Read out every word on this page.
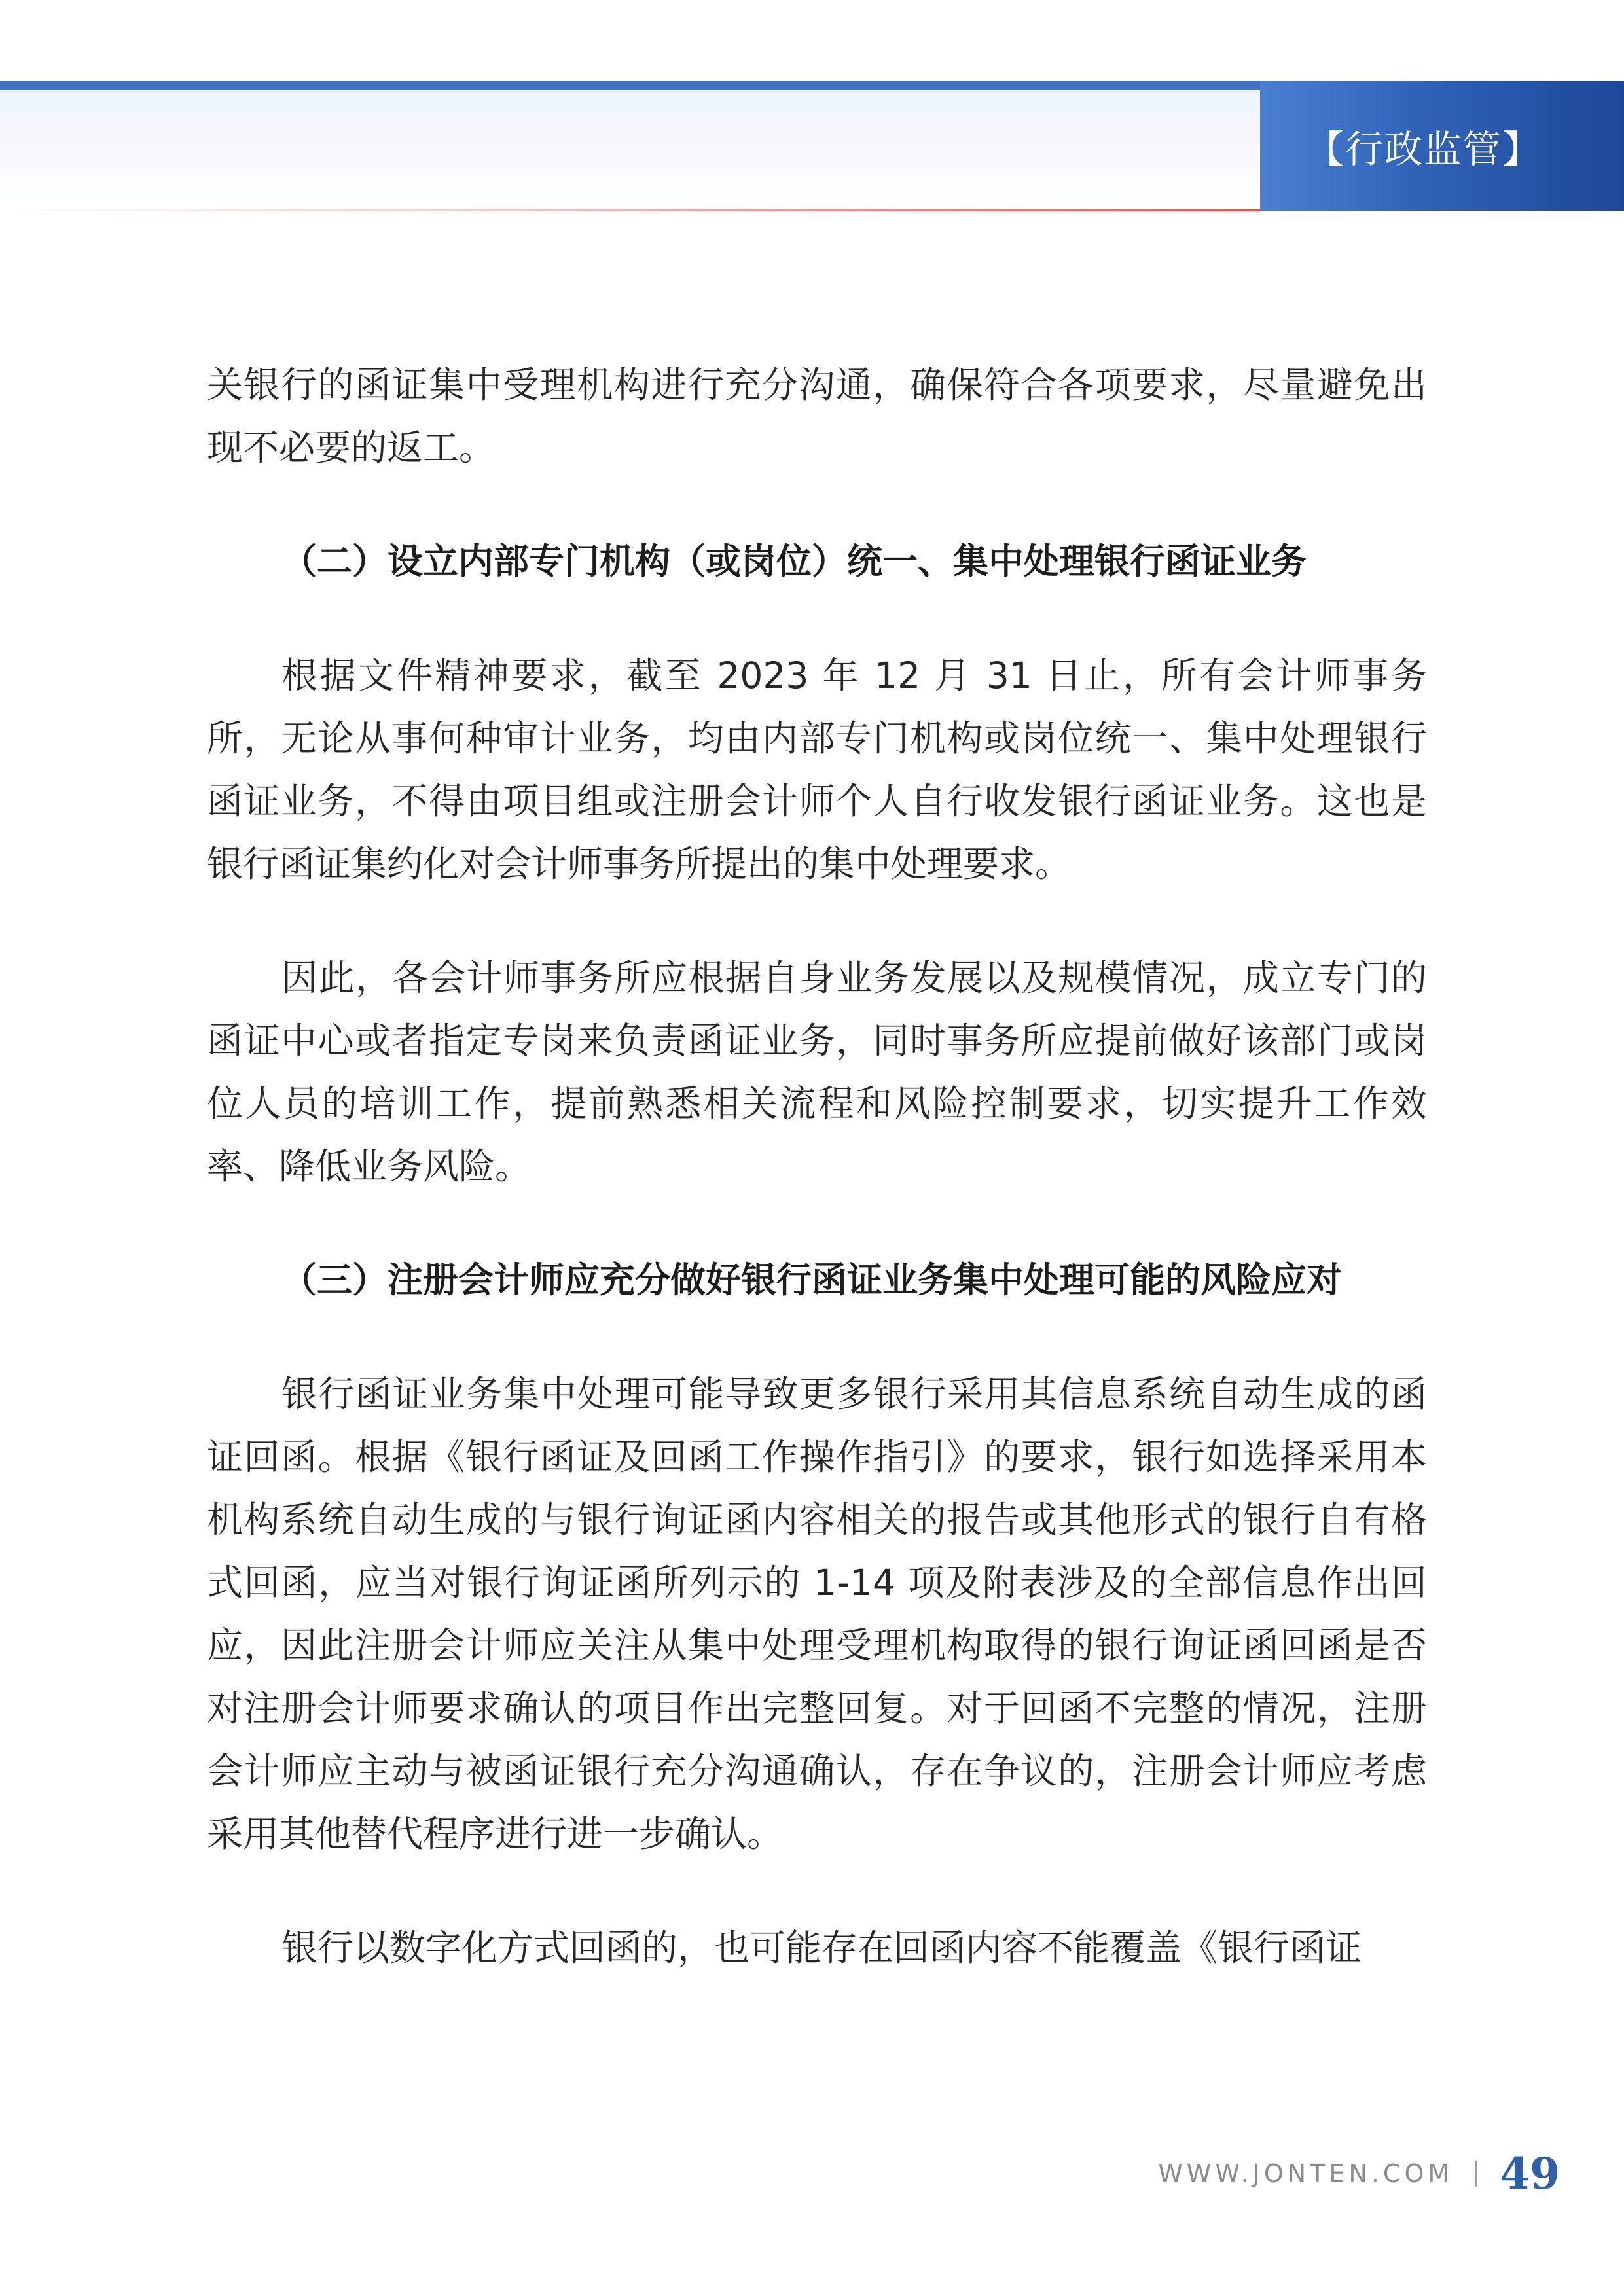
【行政监管】

关银行的函证集中受理机构进行充分沟通，确保符合各项要求，尽量避免出现不必要的返工。

（二）设立内部专门机构（或岗位）统一、集中处理银行函证业务

根据文件精神要求，截至 2023 年 12 月 31 日止，所有会计师事务所，无论从事何种审计业务，均由内部专门机构或岗位统一、集中处理银行函证业务，不得由项目组或注册会计师个人自行收发银行函证业务。这也是银行函证集约化对会计师事务所提出的集中处理要求。

因此，各会计师事务所应根据自身业务发展以及规模情况，成立专门的函证中心或者指定专岗来负责函证业务，同时事务所应提前做好该部门或岗位人员的培训工作，提前熟悉相关流程和风险控制要求，切实提升工作效率、降低业务风险。

（三）注册会计师应充分做好银行函证业务集中处理可能的风险应对

银行函证业务集中处理可能导致更多银行采用其信息系统自动生成的函证回函。根据《银行函证及回函工作操作指引》的要求，银行如选择采用本机构系统自动生成的与银行询证函内容相关的报告或其他形式的银行自有格式回函，应当对银行询证函所列示的 1-14 项及附表涉及的全部信息作出回应，因此注册会计师应关注从集中处理受理机构取得的银行询证函回函是否对注册会计师要求确认的项目作出完整回复。对于回函不完整的情况，注册会计师应主动与被函证银行充分沟通确认，存在争议的，注册会计师应考虑采用其他替代程序进行进一步确认。

银行以数字化方式回函的，也可能存在回函内容不能覆盖《银行函证

WWW.JONTEN.COM 49
